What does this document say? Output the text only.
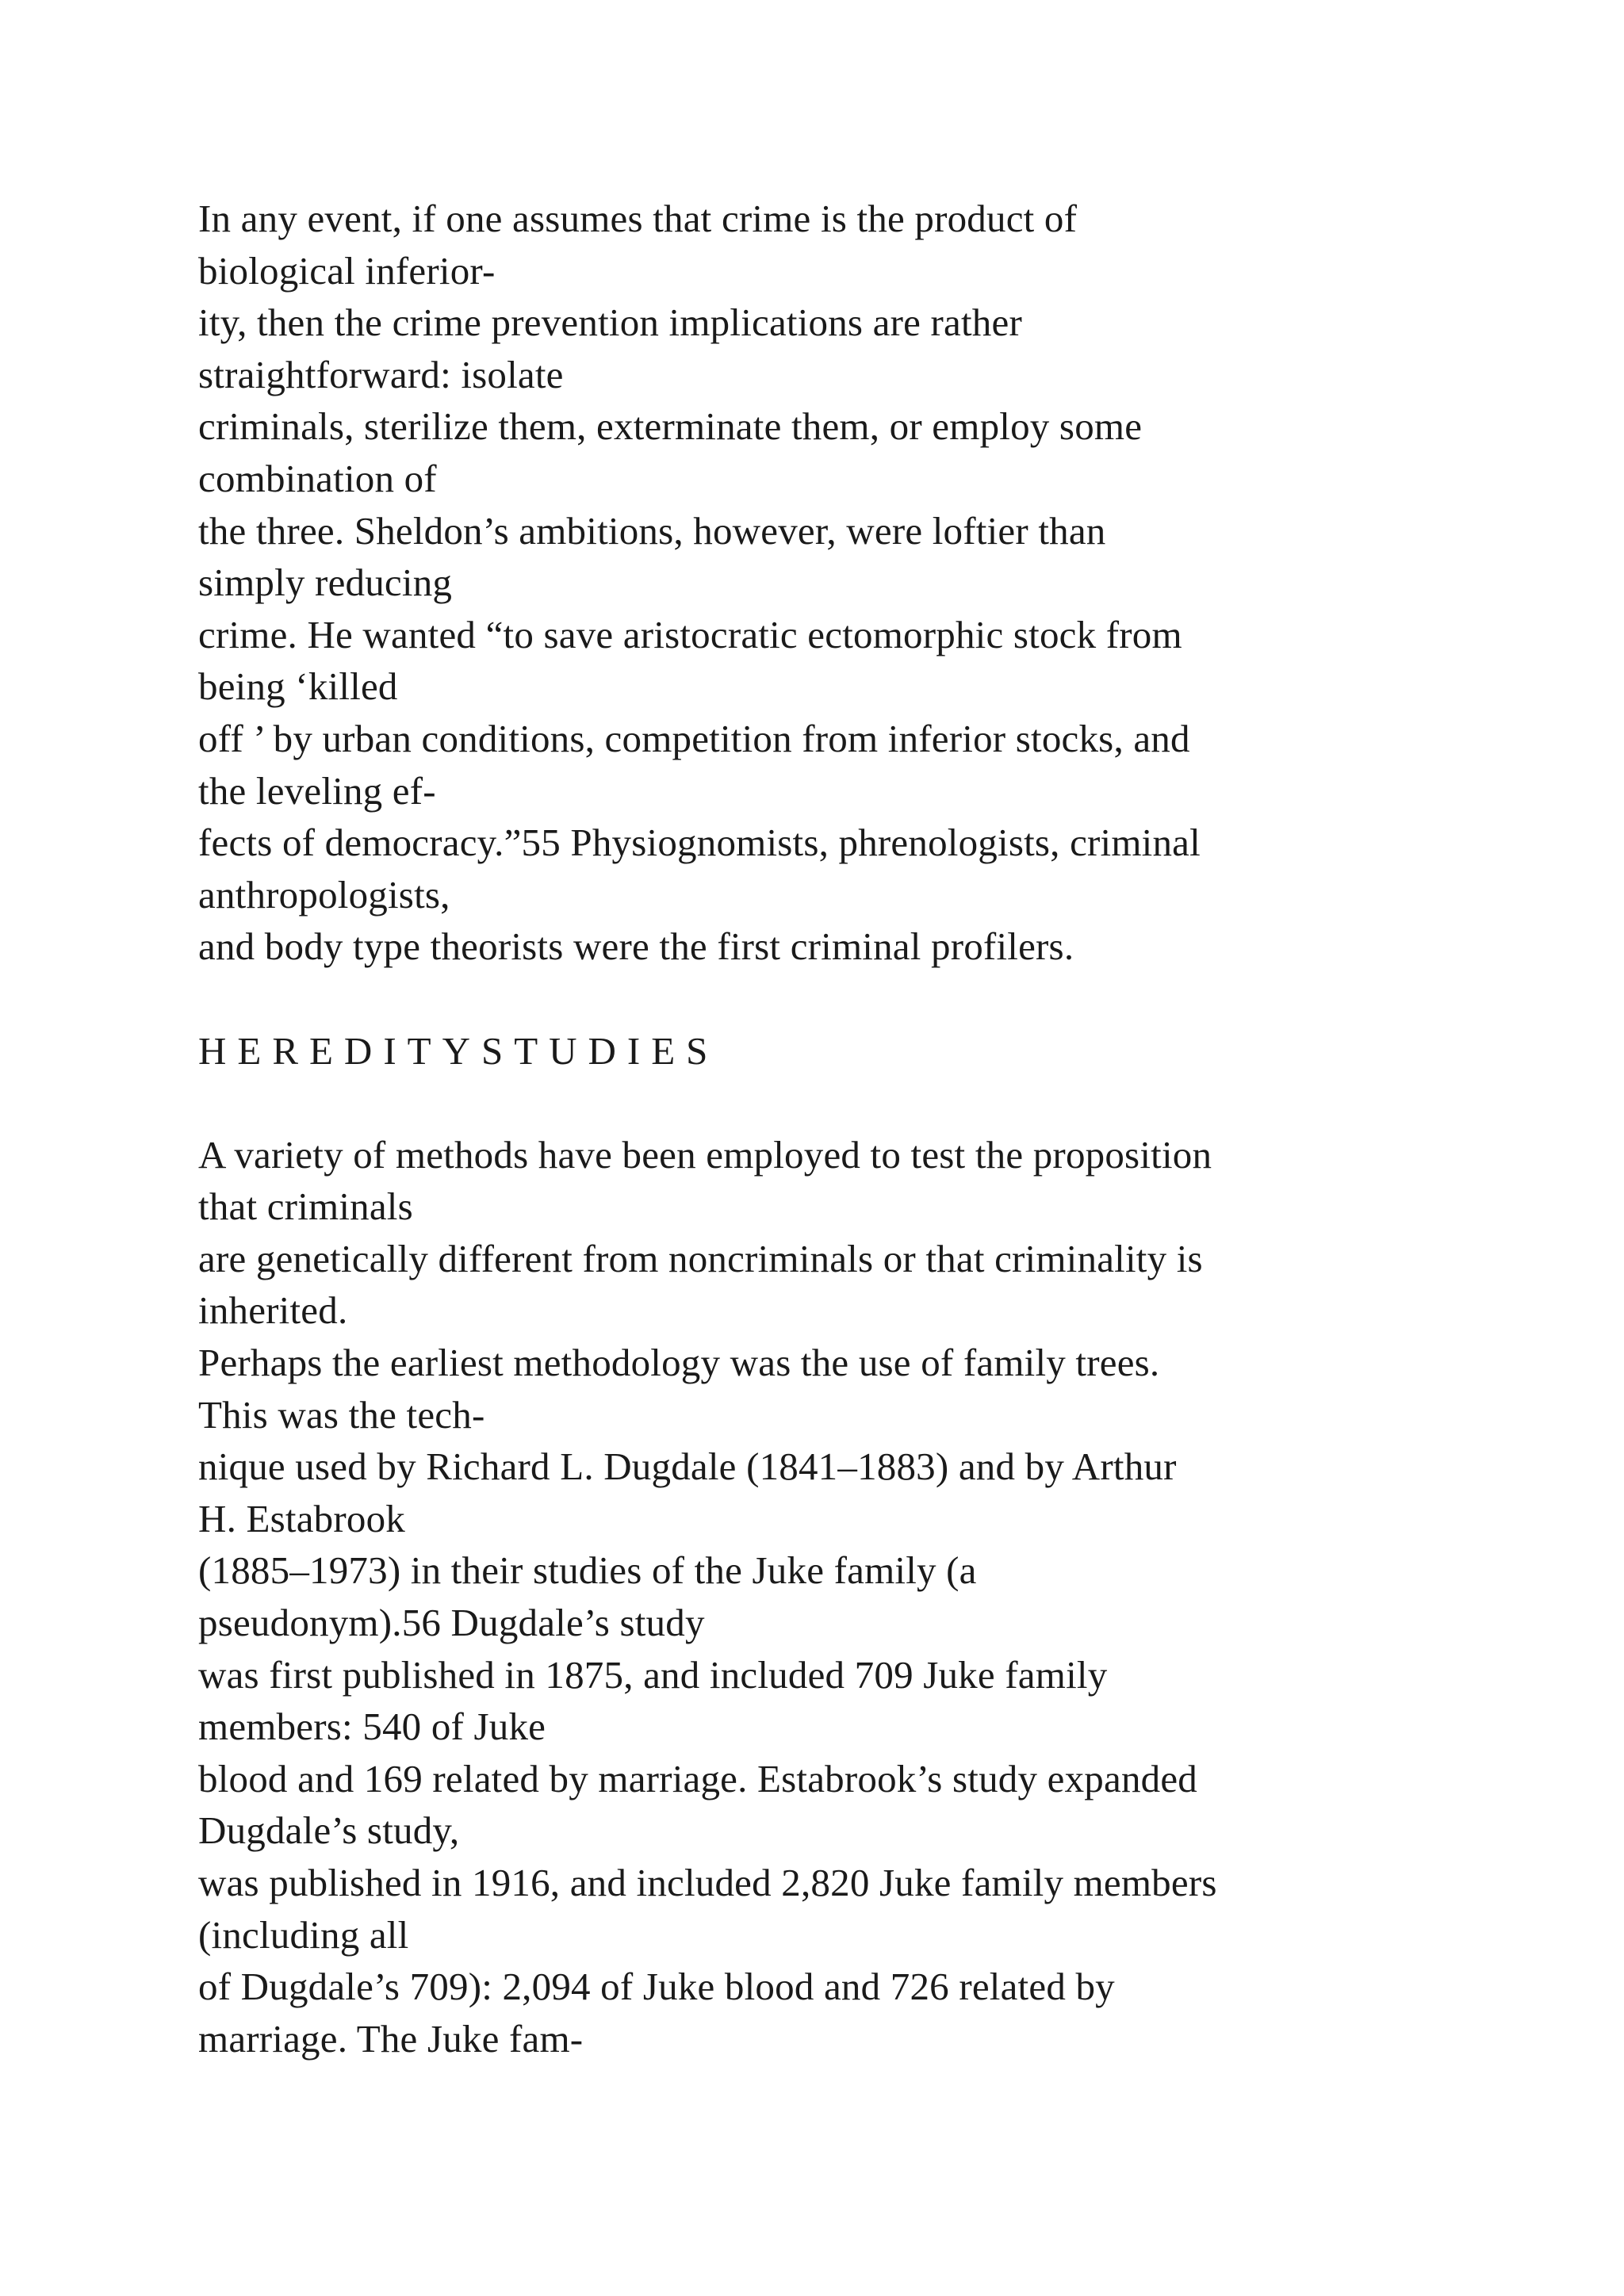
In any event, if one assumes that crime is the product of
biological inferior-
ity, then the crime prevention implications are rather
straightforward: isolate
criminals, sterilize them, exterminate them, or employ some
combination of
the three. Sheldon’s ambitions, however, were loftier than
simply reducing
crime. He wanted “to save aristocratic ectomorphic stock from
being ‘killed
off ’ by urban conditions, competition from inferior stocks, and
the leveling ef-
fects of democracy.”55 Physiognomists, phrenologists, criminal
anthropologists,
and body type theorists were the first criminal profilers.
HEREDITYSTUDIES
A variety of methods have been employed to test the proposition
that criminals
are genetically different from noncriminals or that criminality is
inherited.
Perhaps the earliest methodology was the use of family trees.
This was the tech-
nique used by Richard L. Dugdale (1841–1883) and by Arthur
H. Estabrook
(1885–1973) in their studies of the Juke family (a
pseudonym).56 Dugdale’s study
was first published in 1875, and included 709 Juke family
members: 540 of Juke
blood and 169 related by marriage. Estabrook’s study expanded
Dugdale’s study,
was published in 1916, and included 2,820 Juke family members
(including all
of Dugdale’s 709): 2,094 of Juke blood and 726 related by
marriage. The Juke fam-
